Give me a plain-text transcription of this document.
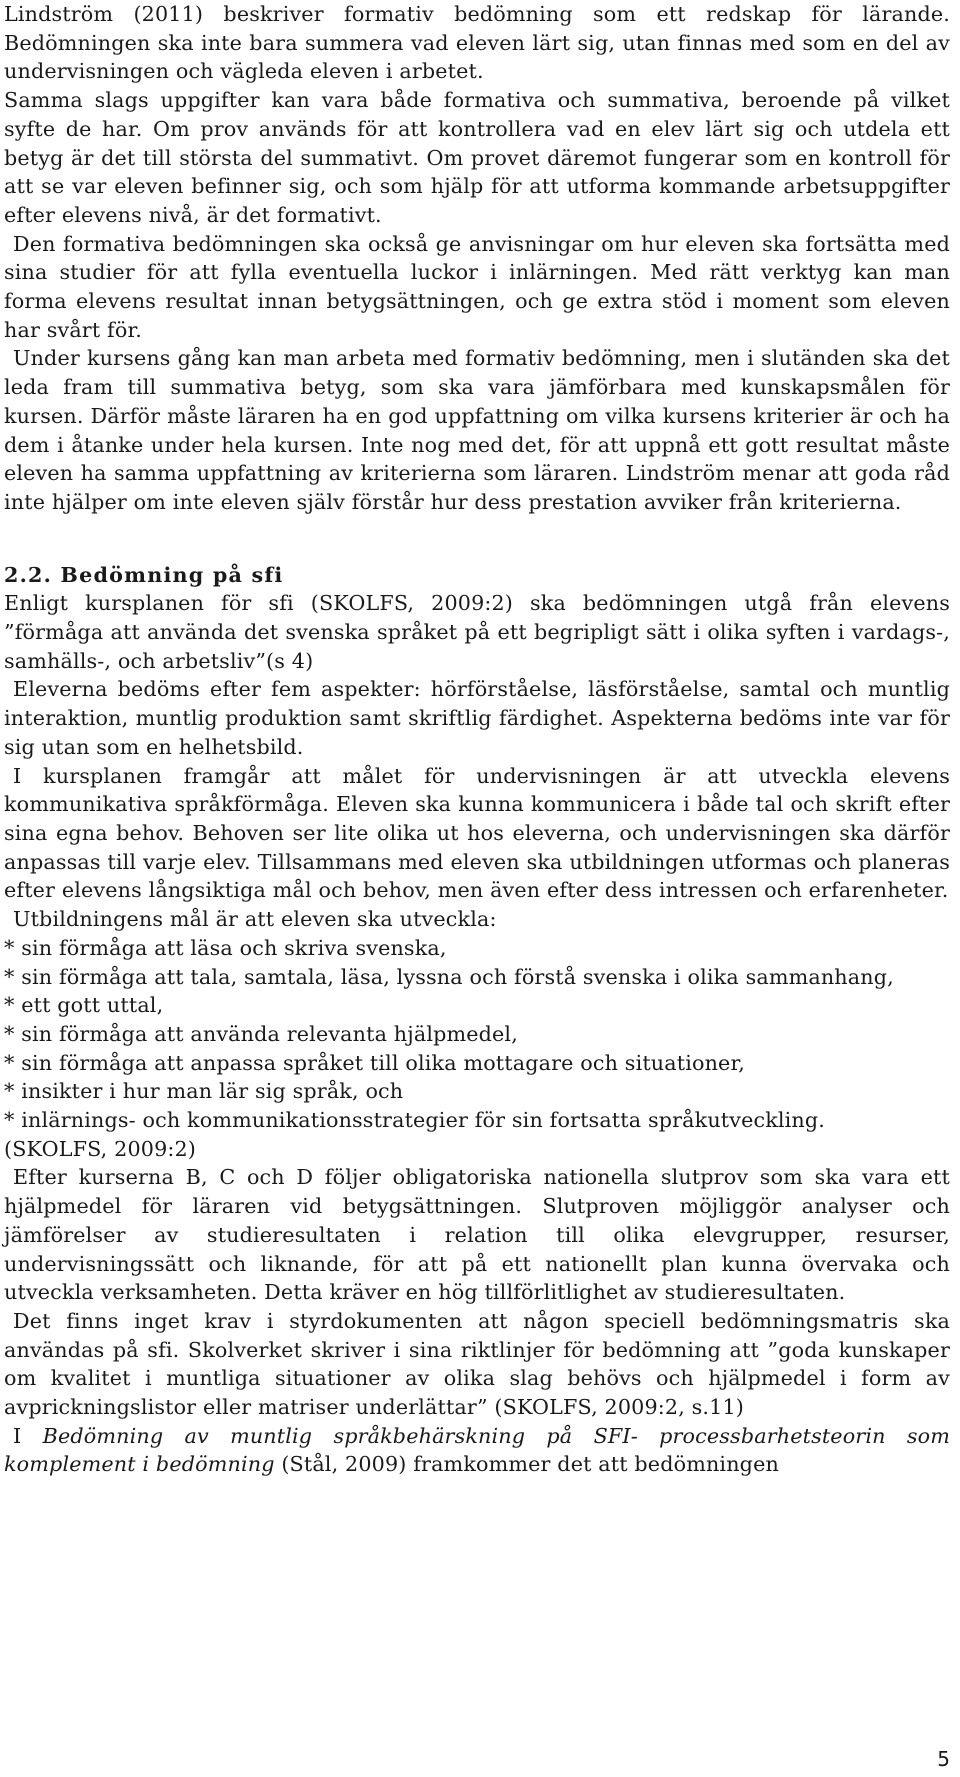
Lindström (2011) beskriver formativ bedömning som ett redskap för lärande. Bedömningen ska inte bara summera vad eleven lärt sig, utan finnas med som en del av undervisningen och vägleda eleven i arbetet.

Samma slags uppgifter kan vara både formativa och summativa, beroende på vilket syfte de har. Om prov används för att kontrollera vad en elev lärt sig och utdela ett betyg är det till största del summativt. Om provet däremot fungerar som en kontroll för att se var eleven befinner sig, och som hjälp för att utforma kommande arbetsuppgifter efter elevens nivå, är det formativt.

Den formativa bedömningen ska också ge anvisningar om hur eleven ska fortsätta med sina studier för att fylla eventuella luckor i inlärningen. Med rätt verktyg kan man forma elevens resultat innan betygsättningen, och ge extra stöd i moment som eleven har svårt för.

Under kursens gång kan man arbeta med formativ bedömning, men i slutänden ska det leda fram till summativa betyg, som ska vara jämförbara med kunskapsmålen för kursen. Därför måste läraren ha en god uppfattning om vilka kursens kriterier är och ha dem i åtanke under hela kursen. Inte nog med det, för att uppnå ett gott resultat måste eleven ha samma uppfattning av kriterierna som läraren. Lindström menar att goda råd inte hjälper om inte eleven själv förstår hur dess prestation avviker från kriterierna.

2.2. Bedömning på sfi

Enligt kursplanen för sfi (SKOLFS, 2009:2) ska bedömningen utgå från elevens ”förmåga att använda det svenska språket på ett begripligt sätt i olika syften i vardags-, samhälls-, och arbetsliv”(s 4)

Eleverna bedöms efter fem aspekter: hörförståelse, läsförståelse, samtal och muntlig interaktion, muntlig produktion samt skriftlig färdighet. Aspekterna bedöms inte var för sig utan som en helhetsbild.

I kursplanen framgår att målet för undervisningen är att utveckla elevens kommunikativa språkförmåga. Eleven ska kunna kommunicera i både tal och skrift efter sina egna behov. Behoven ser lite olika ut hos eleverna, och undervisningen ska därför anpassas till varje elev. Tillsammans med eleven ska utbildningen utformas och planeras efter elevens långsiktiga mål och behov, men även efter dess intressen och erfarenheter.

Utbildningens mål är att eleven ska utveckla:

* sin förmåga att läsa och skriva svenska,
* sin förmåga att tala, samtala, läsa, lyssna och förstå svenska i olika sammanhang,
* ett gott uttal,
* sin förmåga att använda relevanta hjälpmedel,
* sin förmåga att anpassa språket till olika mottagare och situationer,
* insikter i hur man lär sig språk, och
* inlärnings- och kommunikationsstrategier för sin fortsatta språkutveckling.

(SKOLFS, 2009:2)

Efter kurserna B, C och D följer obligatoriska nationella slutprov som ska vara ett hjälpmedel för läraren vid betygsättningen. Slutproven möjliggör analyser och jämförelser av studieresultaten i relation till olika elevgrupper, resurser, undervisningssätt och liknande, för att på ett nationellt plan kunna övervaka och utveckla verksamheten. Detta kräver en hög tillförlitlighet av studieresultaten.

Det finns inget krav i styrdokumenten att någon speciell bedömningsmatris ska användas på sfi. Skolverket skriver i sina riktlinjer för bedömning att ”goda kunskaper om kvalitet i muntliga situationer av olika slag behövs och hjälpmedel i form av avprickningslistor eller matriser underlättar” (SKOLFS, 2009:2, s.11)

I Bedömning av muntlig språkbehärskning på SFI- processbarhetsteorin som komplement i bedömning (Stål, 2009) framkommer det att bedömningen

5
